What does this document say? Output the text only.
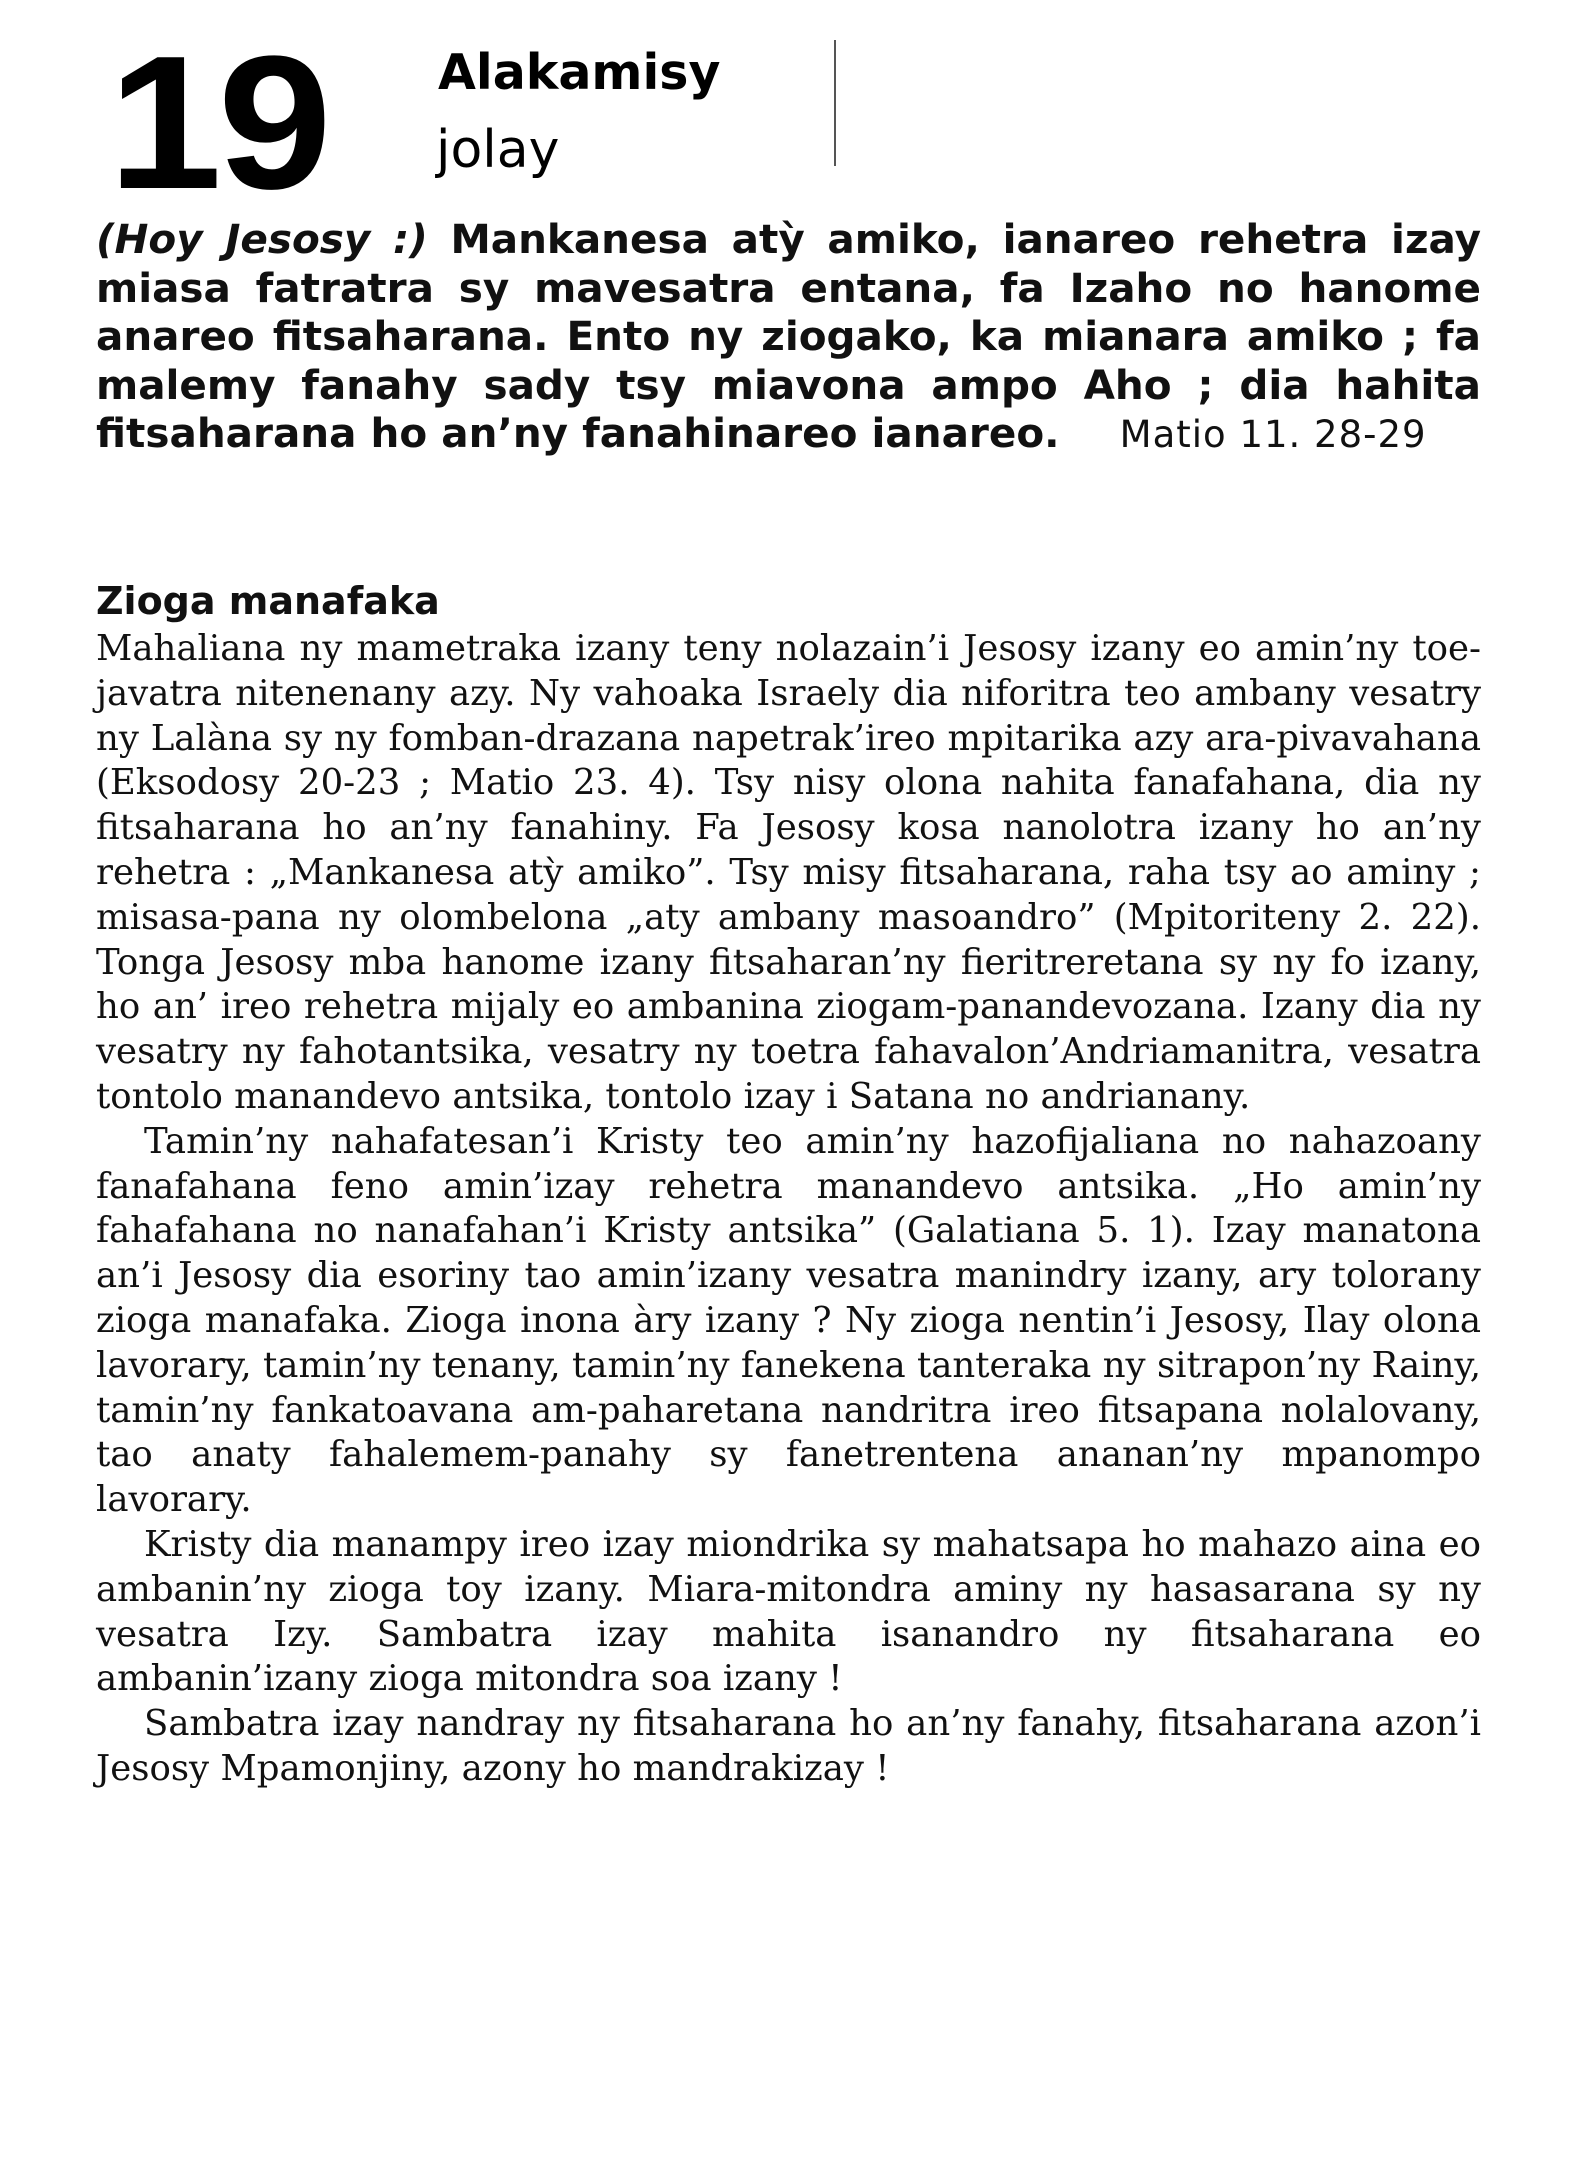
19 Alakamisy
jolay
(Hoy Jesosy :) Mankanesa atỳ amiko, ianareo rehetra izay miasa fatratra sy mavesatra entana, fa Izaho no hanome anareo fitsaharana. Ento ny ziogako, ka mianara amiko ; fa malemy fanahy sady tsy miavona ampo Aho ; dia hahita fitsaharana ho an’ny fanahinareo ianareo. Matio 11. 28-29
Zioga manafaka

Mahaliana ny mametraka izany teny nolazain’i Jesosy izany eo amin’ny toe-javatra nitenenany azy. Ny vahoaka Israely dia niforitra teo ambany vesatry ny Lalàna sy ny fomban-drazana napetrak’ireo mpitarika azy ara-pivavahana (Eksodosy 20-23 ; Matio 23. 4). Tsy nisy olona nahita fanafahana, dia ny fitsaharana ho an’ny fanahiny. Fa Jesosy kosa nanolotra izany ho an’ny rehetra : „Mankanesa atỳ amiko”. Tsy misy fitsaharana, raha tsy ao aminy ; misasa-pana ny olombelona „aty ambany masoandro” (Mpitoriteny 2. 22). Tonga Jesosy mba hanome izany fitsaharan’ny fieritreretana sy ny fo izany, ho an’ ireo rehetra mijaly eo ambanina ziogam-panandevozana. Izany dia ny vesatry ny fahotantsika, vesatry ny toetra fahavalon’Andriamanitra, vesatra tontolo manandevo antsika, tontolo izay i Satana no andrianany.

Tamin’ny nahafatesan’i Kristy teo amin’ny hazofijaliana no nahazoany fanafahana feno amin’izay rehetra manandevo antsika. „Ho amin’ny fahafahana no nanafahan’i Kristy antsika” (Galatiana 5. 1). Izay manatona an’i Jesosy dia esoriny tao amin’izany vesatra manindry izany, ary tolorany zioga manafaka. Zioga inona àry izany ? Ny zioga nentin’i Jesosy, Ilay olona lavorary, tamin’ny tenany, tamin’ny fanekena tanteraka ny sitrapon’ny Rainy, tamin’ny fankatoavana am-paharetana nandritra ireo fitsapana nolalovany, tao anaty fahalemem-panahy sy fanetrentena ananan’ny mpanompo lavorary.

Kristy dia manampy ireo izay miondrika sy mahatsapa ho mahazo aina eo ambanin’ny zioga toy izany. Miara-mitondra aminy ny hasasarana sy ny vesatra Izy. Sambatra izay mahita isanandro ny fitsaharana eo ambanin’izany zioga mitondra soa izany !

Sambatra izay nandray ny fitsaharana ho an’ny fanahy, fitsaharana azon’i Jesosy Mpamonjiny, azony ho mandrakizay !
